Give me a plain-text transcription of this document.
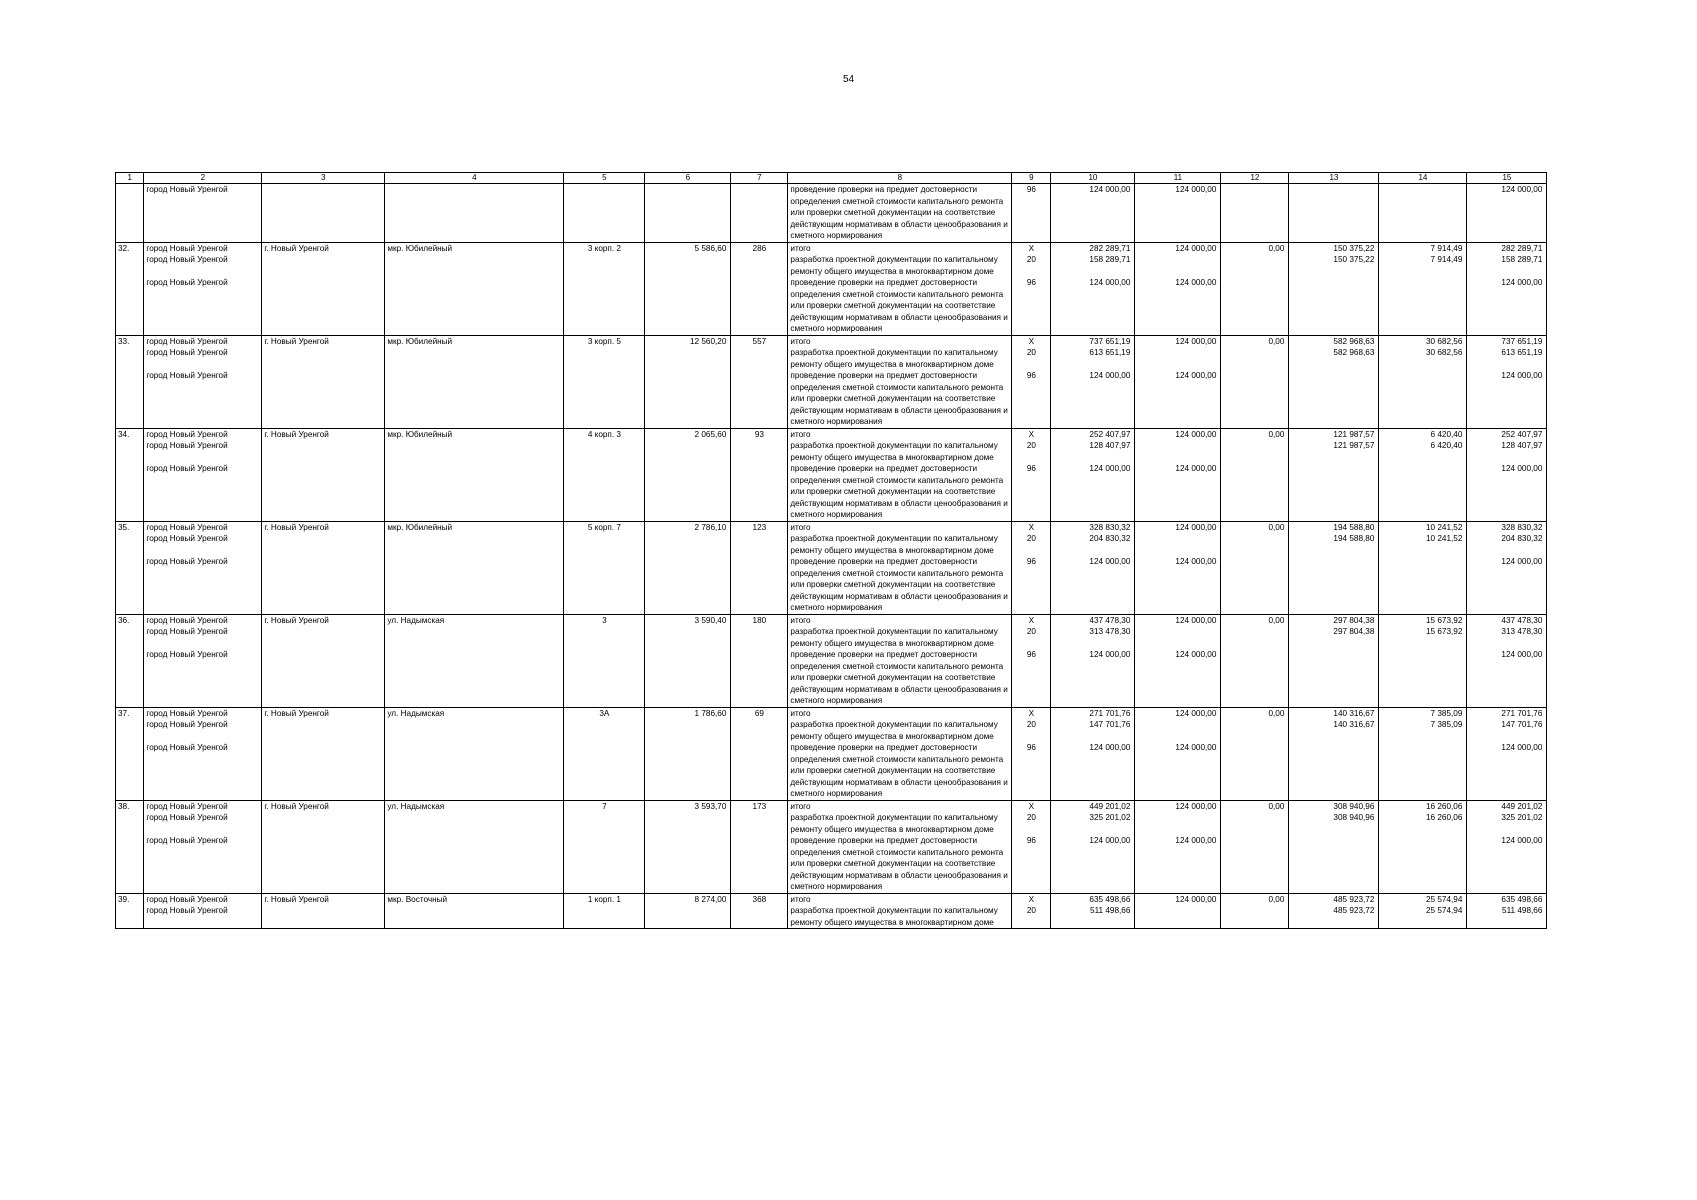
54
1	2	3	4	5	6	7	8	9	10	11	12	13	14	15
	город Новый Уренгой						проведение проверки на предмет достоверности определения сметной стоимости капитального ремонта или проверки сметной документации на соответствие действующим нормативам в области ценообразования и сметного нормирования	96	124 000,00	124 000,00				124 000,00
32.	город Новый Уренгой	г. Новый Уренгой	мкр. Юбилейный	3 корп. 2	5 586,60	286	итого	X	282 289,71	124 000,00	0,00	150 375,22	7 914,49	282 289,71
	город Новый Уренгой						разработка проектной документации по капитальному ремонту общего имущества в многоквартирном доме	20	158 289,71			150 375,22	7 914,49	158 289,71
	город Новый Уренгой						проведение проверки на предмет достоверности определения сметной стоимости капитального ремонта или проверки сметной документации на соответствие действующим нормативам в области ценообразования и сметного нормирования	96	124 000,00	124 000,00				124 000,00
33.	город Новый Уренгой	г. Новый Уренгой	мкр. Юбилейный	3 корп. 5	12 560,20	557	итого	X	737 651,19	124 000,00	0,00	582 968,63	30 682,56	737 651,19
	город Новый Уренгой						разработка проектной документации по капитальному ремонту общего имущества в многоквартирном доме	20	613 651,19			582 968,63	30 682,56	613 651,19
	город Новый Уренгой						проведение проверки на предмет достоверности определения сметной стоимости капитального ремонта или проверки сметной документации на соответствие действующим нормативам в области ценообразования и сметного нормирования	96	124 000,00	124 000,00				124 000,00
34.	город Новый Уренгой	г. Новый Уренгой	мкр. Юбилейный	4 корп. 3	2 065,60	93	итого	X	252 407,97	124 000,00	0,00	121 987,57	6 420,40	252 407,97
	город Новый Уренгой						разработка проектной документации по капитальному ремонту общего имущества в многоквартирном доме	20	128 407,97			121 987,57	6 420,40	128 407,97
	город Новый Уренгой						проведение проверки на предмет достоверности определения сметной стоимости капитального ремонта или проверки сметной документации на соответствие действующим нормативам в области ценообразования и сметного нормирования	96	124 000,00	124 000,00				124 000,00
35.	город Новый Уренгой	г. Новый Уренгой	мкр. Юбилейный	5 корп. 7	2 786,10	123	итого	X	328 830,32	124 000,00	0,00	194 588,80	10 241,52	328 830,32
	город Новый Уренгой						разработка проектной документации по капитальному ремонту общего имущества в многоквартирном доме	20	204 830,32			194 588,80	10 241,52	204 830,32
	город Новый Уренгой						проведение проверки на предмет достоверности определения сметной стоимости капитального ремонта или проверки сметной документации на соответствие действующим нормативам в области ценообразования и сметного нормирования	96	124 000,00	124 000,00				124 000,00
36.	город Новый Уренгой	г. Новый Уренгой	ул. Надымская	3	3 590,40	180	итого	X	437 478,30	124 000,00	0,00	297 804,38	15 673,92	437 478,30
	город Новый Уренгой						разработка проектной документации по капитальному ремонту общего имущества в многоквартирном доме	20	313 478,30			297 804,38	15 673,92	313 478,30
	город Новый Уренгой						проведение проверки на предмет достоверности определения сметной стоимости капитального ремонта или проверки сметной документации на соответствие действующим нормативам в области ценообразования и сметного нормирования	96	124 000,00	124 000,00				124 000,00
37.	город Новый Уренгой	г. Новый Уренгой	ул. Надымская	3А	1 786,60	69	итого	X	271 701,76	124 000,00	0,00	140 316,67	7 385,09	271 701,76
	город Новый Уренгой						разработка проектной документации по капитальному ремонту общего имущества в многоквартирном доме	20	147 701,76			140 316,67	7 385,09	147 701,76
	город Новый Уренгой						проведение проверки на предмет достоверности определения сметной стоимости капитального ремонта или проверки сметной документации на соответствие действующим нормативам в области ценообразования и сметного нормирования	96	124 000,00	124 000,00				124 000,00
38.	город Новый Уренгой	г. Новый Уренгой	ул. Надымская	7	3 593,70	173	итого	X	449 201,02	124 000,00	0,00	308 940,96	16 260,06	449 201,02
	город Новый Уренгой						разработка проектной документации по капитальному ремонту общего имущества в многоквартирном доме	20	325 201,02			308 940,96	16 260,06	325 201,02
	город Новый Уренгой						проведение проверки на предмет достоверности определения сметной стоимости капитального ремонта или проверки сметной документации на соответствие действующим нормативам в области ценообразования и сметного нормирования	96	124 000,00	124 000,00				124 000,00
39.	город Новый Уренгой	г. Новый Уренгой	мкр. Восточный	1 корп. 1	8 274,00	368	итого	X	635 498,66	124 000,00	0,00	485 923,72	25 574,94	635 498,66
	город Новый Уренгой						разработка проектной документации по капитальному ремонту общего имущества в многоквартирном доме	20	511 498,66			485 923,72	25 574,94	511 498,66
